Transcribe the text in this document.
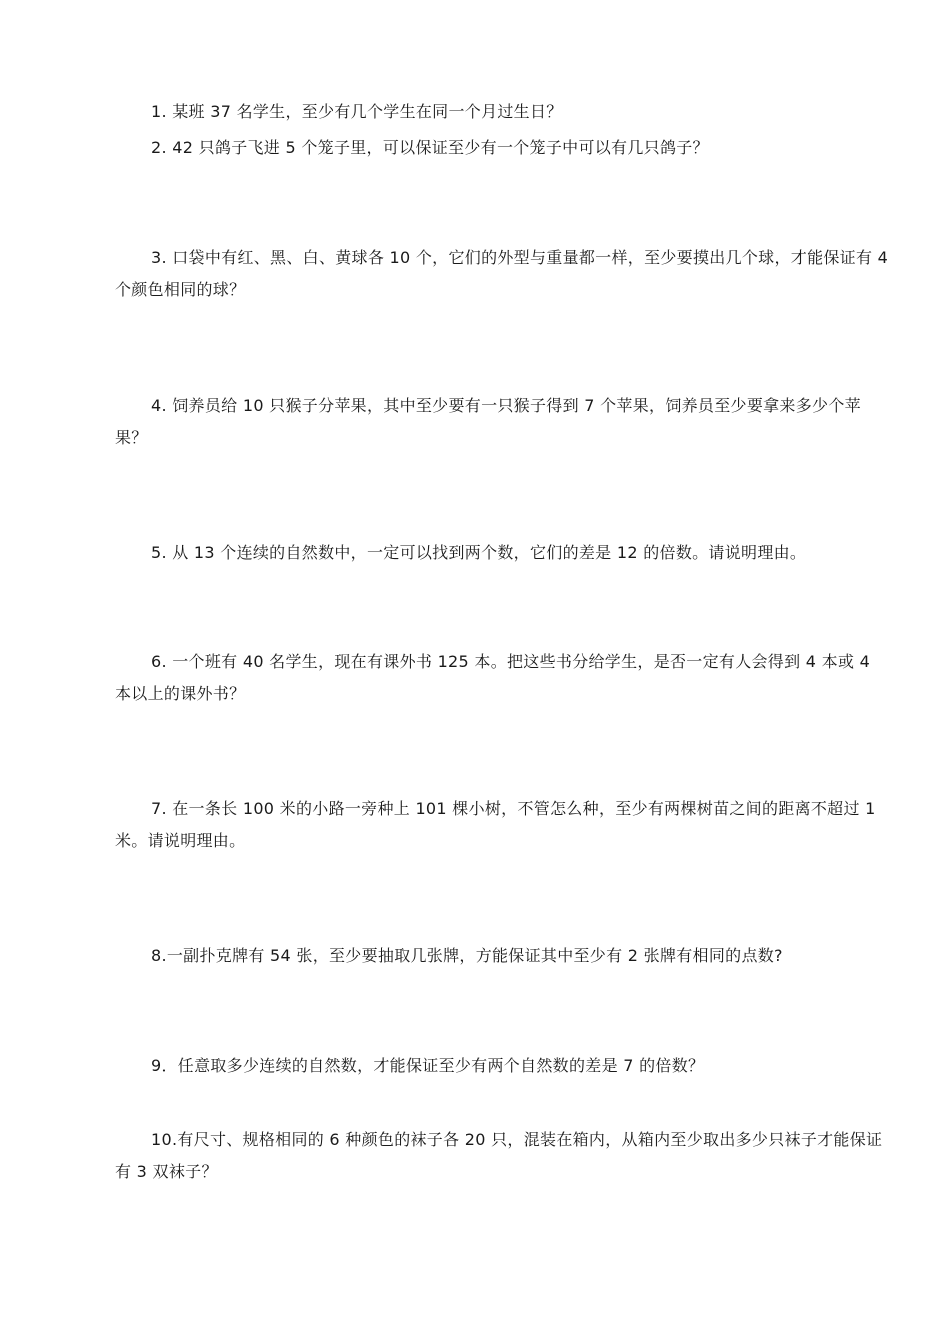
1. 某班 37 名学生，至少有几个学生在同一个月过生日？

2. 42 只鸽子飞进 5 个笼子里，可以保证至少有一个笼子中可以有几只鸽子？

3. 口袋中有红、黑、白、黄球各 10 个，它们的外型与重量都一样，至少要摸出几个球，才能保证有 4 个颜色相同的球？

4. 饲养员给 10 只猴子分苹果，其中至少要有一只猴子得到 7 个苹果，饲养员至少要拿来多少个苹果？

5. 从 13 个连续的自然数中，一定可以找到两个数，它们的差是 12 的倍数。请说明理由。

6. 一个班有 40 名学生，现在有课外书 125 本。把这些书分给学生，是否一定有人会得到 4 本或 4 本以上的课外书？

7. 在一条长 100 米的小路一旁种上 101 棵小树，不管怎么种，至少有两棵树苗之间的距离不超过 1 米。请说明理由。

8.一副扑克牌有 54 张，至少要抽取几张牌，方能保证其中至少有 2 张牌有相同的点数?

9．任意取多少连续的自然数，才能保证至少有两个自然数的差是 7 的倍数？

10.有尺寸、规格相同的 6 种颜色的袜子各 20 只，混装在箱内，从箱内至少取出多少只袜子才能保证有 3 双袜子？
